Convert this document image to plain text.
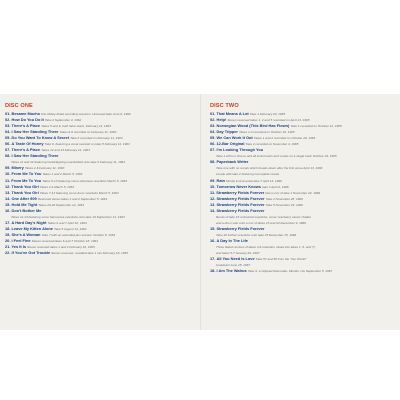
DISC ONE
01. Besame Mucho first Abbey Road recording sessions. Unissued take June 6, 1962.
02. How Do You Do It Take 2 September 4, 1962
03. There's A Place Takes 5 and 6, both false starts, February 11, 1963
04. I Saw Her Standing There Takes 6-9 recorded on February 11, 1963
05. Do You Want To Know A Secret Take 8 recorded on February 11, 1963
06. A Taste Of Honey Take 6, featuring a vocal overdub on take 5 February 11, 1963
07. There's A Place Takes 12 and 13 February 11, 1963
08. I Saw Her Standing There
Takes 11 and 12 featuring handclapping overdubbed onto take 9 February 11, 1963
09. Misery Takes 2-6 February 11, 1963
10. From Me To You Takes 1 and 2 March 5, 1963
11. From Me To You Takes 8-13 featuring some edit piece overdubs March 5, 1963
12. Thank You Girl Takes 2-4 March 5, 1963
13. Thank You Girl Takes 7-13 featuring some drum overdubs March 5, 1963
14. One After 909 Reversed stereo takes 1 and 2 September 5, 1963
15. Hold Me Tight Takes 20-26 September 12, 1963
16. Don't Bother Me
Takes 11-13 featuring some harmonica overdubs onto take 10 September 12, 1963
17. A Hard Day's Night Takes 6 and 7 April 16, 1964
18. Leave My Kitten Alone Take 5 August 14, 1964
19. She's A Woman Take 7 with an extended jam session October 8, 1964
20. I Feel Fine Stereo reversed takes 6 and 7 October 18, 1964
21. Yes It Is Stereo reversed takes 1 and 2 February 16, 1965
22. If You've Got Trouble Stereo reversed, unedited take 1 mix February 18, 1965
DISC TWO
01. That Means A Lot Take 1 February 20, 1965
02. Help! Stereo reversed takes 1, 2 and 5 recorded on April 13, 1965
03. Norwegian Wood (This Bird Has Flown) Take 1 recorded on October 12, 1965
04. Day Tripper Takes 1-3 recorded on October 16, 1965
05. We Can Work It Out Takes 1 and 2 recorded on October 20, 1965
06. 12-Bar Original Take 2 recorded on November 4, 1965
07. I'm Looking Through You
Take 1 with no chorus and all instruments and vocals on a single track October 24, 1965
08. Paperback Writer
Take one with no vocals which breaks down after the first verse April 13, 1966
couple with take 2 featuring incomplete vocals
09. Rain Mostly instrumental take 7 April 14, 1966
10. Tomorrow Never Knows take 3 April 6, 1966
11. Strawberry Fields Forever Demo mix of take 1 November 24, 1966.
12. Strawberry Fields Forever Take 2 November 28, 1966
13. Strawberry Fields Forever Take 5 November 29, 1966
14. Strawberry Fields Forever
Remix of take 15 orchestral overdubs, some 'cranberry sauce' chatter
and a drum solo onto a mix of takes 15 and 24 December 9, 1966
15. Strawberry Fields Forever
Take 26 further overdubs onto take 25 December 15, 1966
16. A Day In The Life
Three faded remixes of takes 4-6 reduction mixed into takes 1, 6, and 7)
and takes 5-7 January 20, 1967
17. All You Need Is Love Take 57 and 58 from the "Our World"
broadcast June 25, 1967
18. I Am The Walrus Take 9, a stripped down take. Monitor mix September 5, 1967
